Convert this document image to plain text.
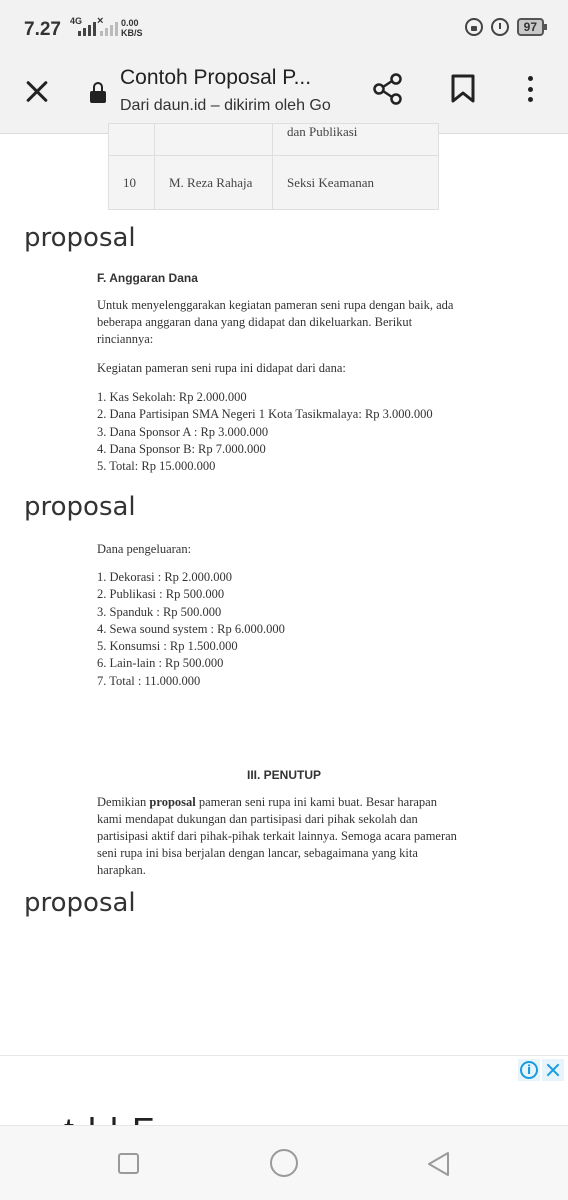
7.27 4G × 0.00
KB/S	97
Contoh Proposal P...
Dari daun.id – dikirim oleh Go
		dan Publikasi
10	M. Reza Rahaja	Seksi Keamanan
proposal
F. Anggaran Dana
Untuk menyelenggarakan kegiatan pameran seni rupa dengan baik, ada beberapa anggaran dana yang didapat dan dikeluarkan. Berikut rinciannya:
Kegiatan pameran seni rupa ini didapat dari dana:
1. Kas Sekolah: Rp 2.000.000
2. Dana Partisipan SMA Negeri 1 Kota Tasikmalaya: Rp 3.000.000
3. Dana Sponsor A : Rp 3.000.000
4. Dana Sponsor B: Rp 7.000.000
5. Total: Rp 15.000.000
proposal
Dana pengeluaran:
1. Dekorasi : Rp 2.000.000
2. Publikasi : Rp 500.000
3. Spanduk : Rp 500.000
4. Sewa sound system : Rp 6.000.000
5. Konsumsi : Rp 1.500.000
6. Lain-lain : Rp 500.000
7. Total : 11.000.000
III. PENUTUP
Demikian proposal pameran seni rupa ini kami buat. Besar harapan kami mendapat dukungan dan partisipasi dari pihak sekolah dan partisipasi aktif dari pihak-pihak terkait lainnya. Semoga acara pameran seni rupa ini bisa berjalan dengan lancar, sebagaimana yang kita harapkan.
proposal
i
